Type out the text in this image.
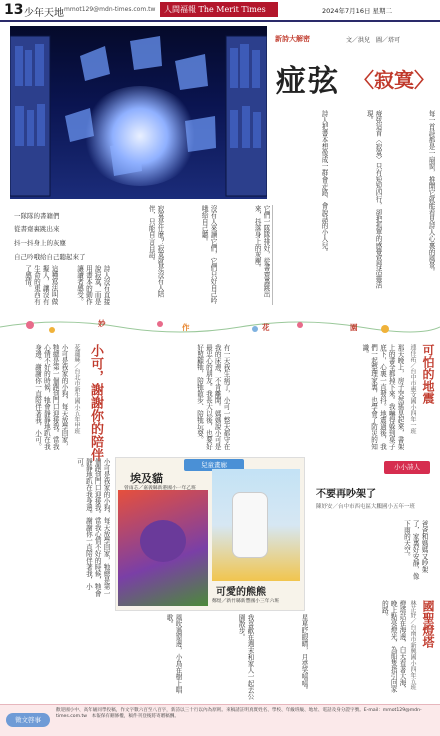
13 少年天地 mmot129@mdn-times.com.tw	人間福報 The Merit Times	2024年7月16日 星期二
新詩大解密	文／洪兒　圖／塔可
痖弦 〈寂寞〉
一隊隊的書籍們
從書齋裏跳出來
抖一抖身上的灰塵
自己吟哦給自己聽起來了	每一首詩都是一扇窗，推開它就能看見詩人心裏的風景。
痖弦這首〈寂寞〉只有短短四行，卻把孤單的感覺寫得活靈活現。
詩人把書本想像成一群會走路、會說話的小人兒。
它們一隊隊排好，從書齋裏跳出來，抖落身上的灰塵。
沒有人來讀它們，它們只好自己吟哦給自己聽。
寂寞是什麼？寂寞就是沒有人陪伴，只能自言自語。
詩人沒有直接說寂寞，而是用書本的動作讓讀者感受。
這種寫法叫做擬人，讓沒有生命的東西有了感情。
妙	作	花	園
小可，謝謝你的陪伴
花蓮縣／台北市新生國小五年甲班
小可是我家的小狗，每天放學回家，牠總是第一個跑到門口迎接我。當我心情不好的時候，牠會靜靜地趴在我身邊。謝謝你一直陪伴著我，小可。	有一天我生病了，小可一整天都守在我的床邊，不肯離開。媽媽說小可是最忠心的朋友。我長大以後，也要好好照顧牠，陪牠散步、陪牠玩耍。	可怕的地震
連佳祐／台中市惠文國小四年一班
那天晚上，房子突然搖晃起來，書架上的書全都掉下來。我嚇得躲到桌子底下，心裏一直發抖。地震過後，我們一起整理家裏，也學會了防災的知識。
小小詩人
不要再吵架了
陳妤安／台中市西屯區大鵬國小五年一班
爸爸和媽媽又吵架了，家裏好安靜，像下雨的天空。
兒童畫廊
埃及貓
曾雨芯／嘉義縣新港國小一年乙班
可愛的熊熊
鄭煜／新竹縣新豐國小三年六班
小可是我家的小狗，每天放學回家，牠總是第一個跑到門口迎接我。當我心情不好的時候，牠會靜靜地趴在我身邊。謝謝你一直陪伴著我，小可。
風吹過窗邊，小鳥在樹上唱歌。	我喜歡在週末和家人一起去公園散步。	星星眨眼睛，月亮笑嘻嘻。	國聖燈塔
林芷妤／台南市新興國小四年五班
燈塔站在海邊，白天看著大海，晚上點亮燈光，為船隻指引回家的路。
徵文啓事
歡迎國小中、高年級同學投稿，作文字數六百至八百字，新詩以三十行以內為原則。來稿請註明真實姓名、學校、年級班級、地址、電話及身分證字號。E-mail：mmot129@mdn-times.com.tw　本報保有刪修權，稿件刊登後將寄贈稿酬。
